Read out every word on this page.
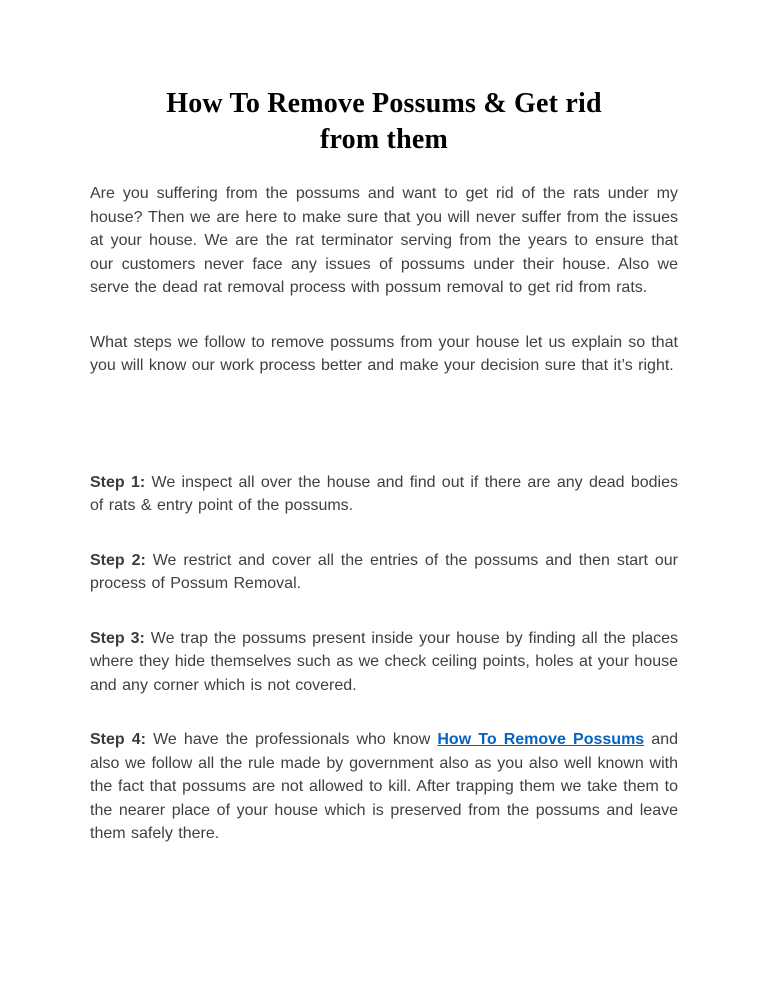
How To Remove Possums & Get rid
from them

Are you suffering from the possums and want to get rid of the rats under my house? Then we are here to make sure that you will never suffer from the issues at your house. We are the rat terminator serving from the years to ensure that our customers never face any issues of possums under their house. Also we serve the dead rat removal process with possum removal to get rid from rats.

What steps we follow to remove possums from your house let us explain so that you will know our work process better and make your decision sure that it’s right.

Step 1: We inspect all over the house and find out if there are any dead bodies of rats & entry point of the possums.

Step 2: We restrict and cover all the entries of the possums and then start our process of Possum Removal.

Step 3: We trap the possums present inside your house by finding all the places where they hide themselves such as we check ceiling points, holes at your house and any corner which is not covered.

Step 4: We have the professionals who know How To Remove Possums and also we follow all the rule made by government also as you also well known with the fact that possums are not allowed to kill. After trapping them we take them to the nearer place of your house which is preserved from the possums and leave them safely there.
